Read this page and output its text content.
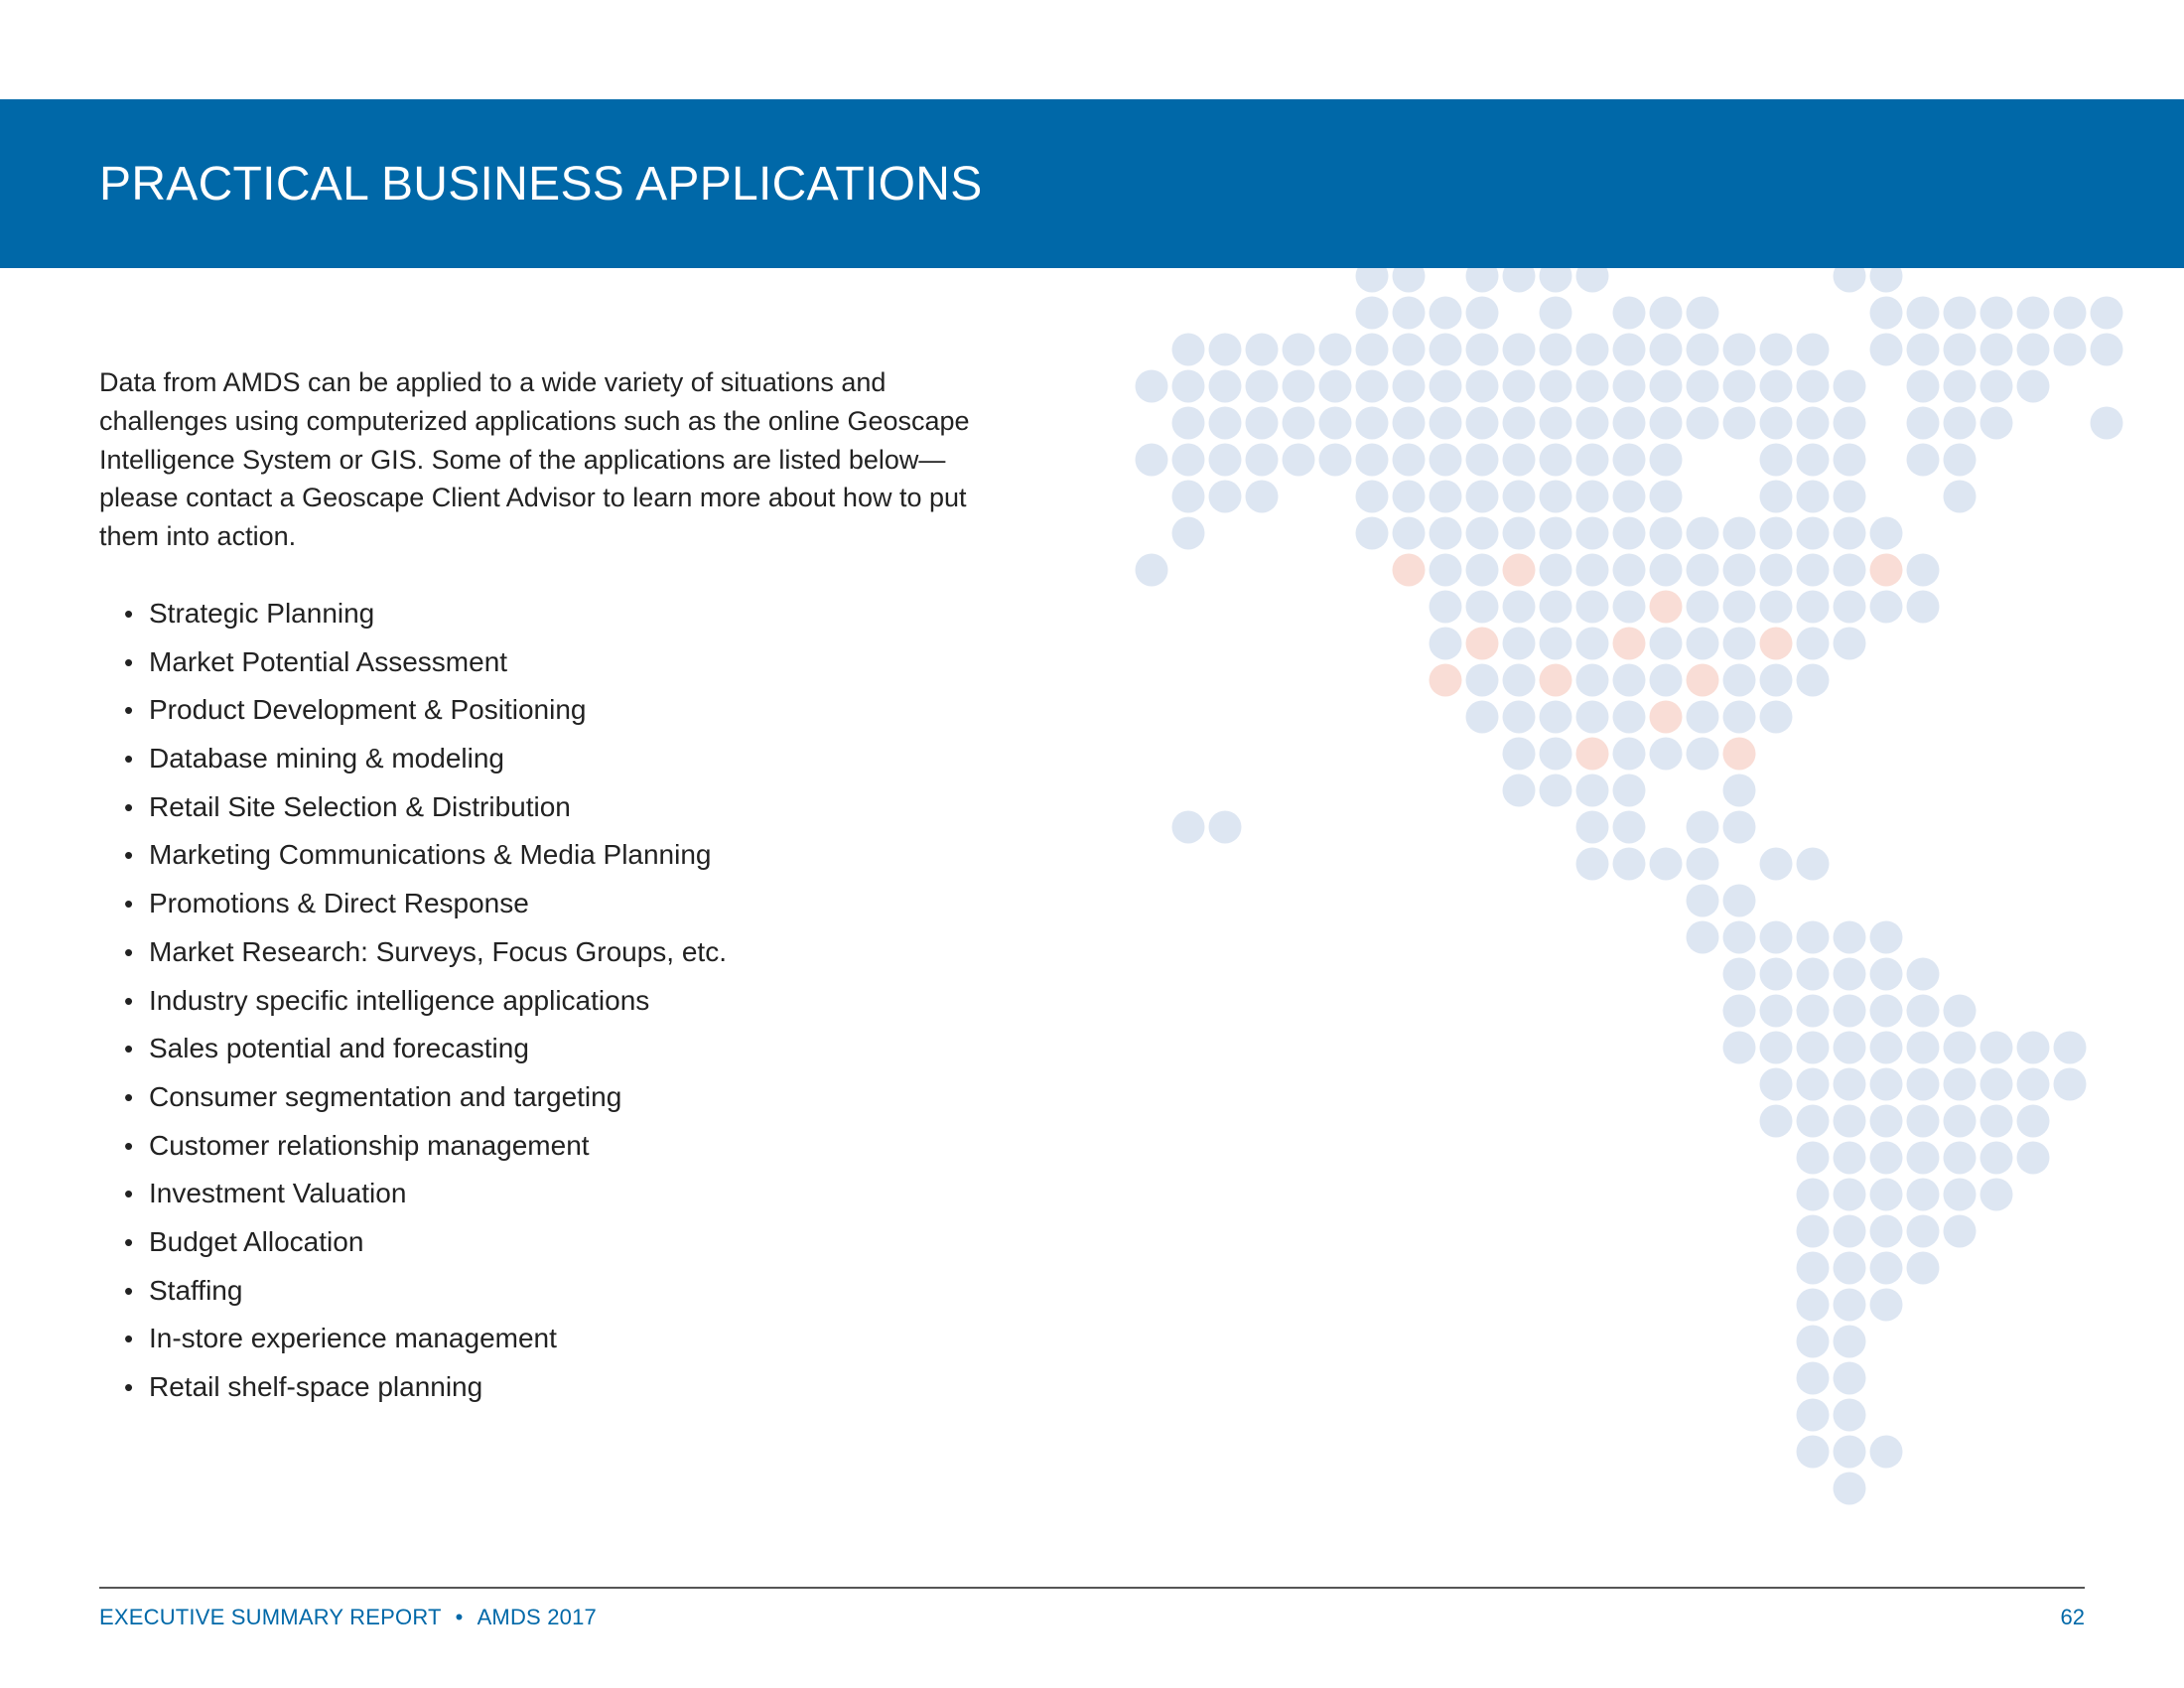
PRACTICAL BUSINESS APPLICATIONS

Data from AMDS can be applied to a wide variety of situations and challenges using computerized applications such as the online Geoscape Intelligence System or GIS. Some of the applications are listed below—please contact a Geoscape Client Advisor to learn more about how to put them into action.

• Strategic Planning
• Market Potential Assessment
• Product Development & Positioning
• Database mining & modeling
• Retail Site Selection & Distribution
• Marketing Communications & Media Planning
• Promotions & Direct Response
• Market Research: Surveys, Focus Groups, etc.
• Industry specific intelligence applications
• Sales potential and forecasting
• Consumer segmentation and targeting
• Customer relationship management
• Investment Valuation
• Budget Allocation
• Staffing
• In-store experience management
• Retail shelf-space planning
EXECUTIVE SUMMARY REPORT • AMDS 2017	62
